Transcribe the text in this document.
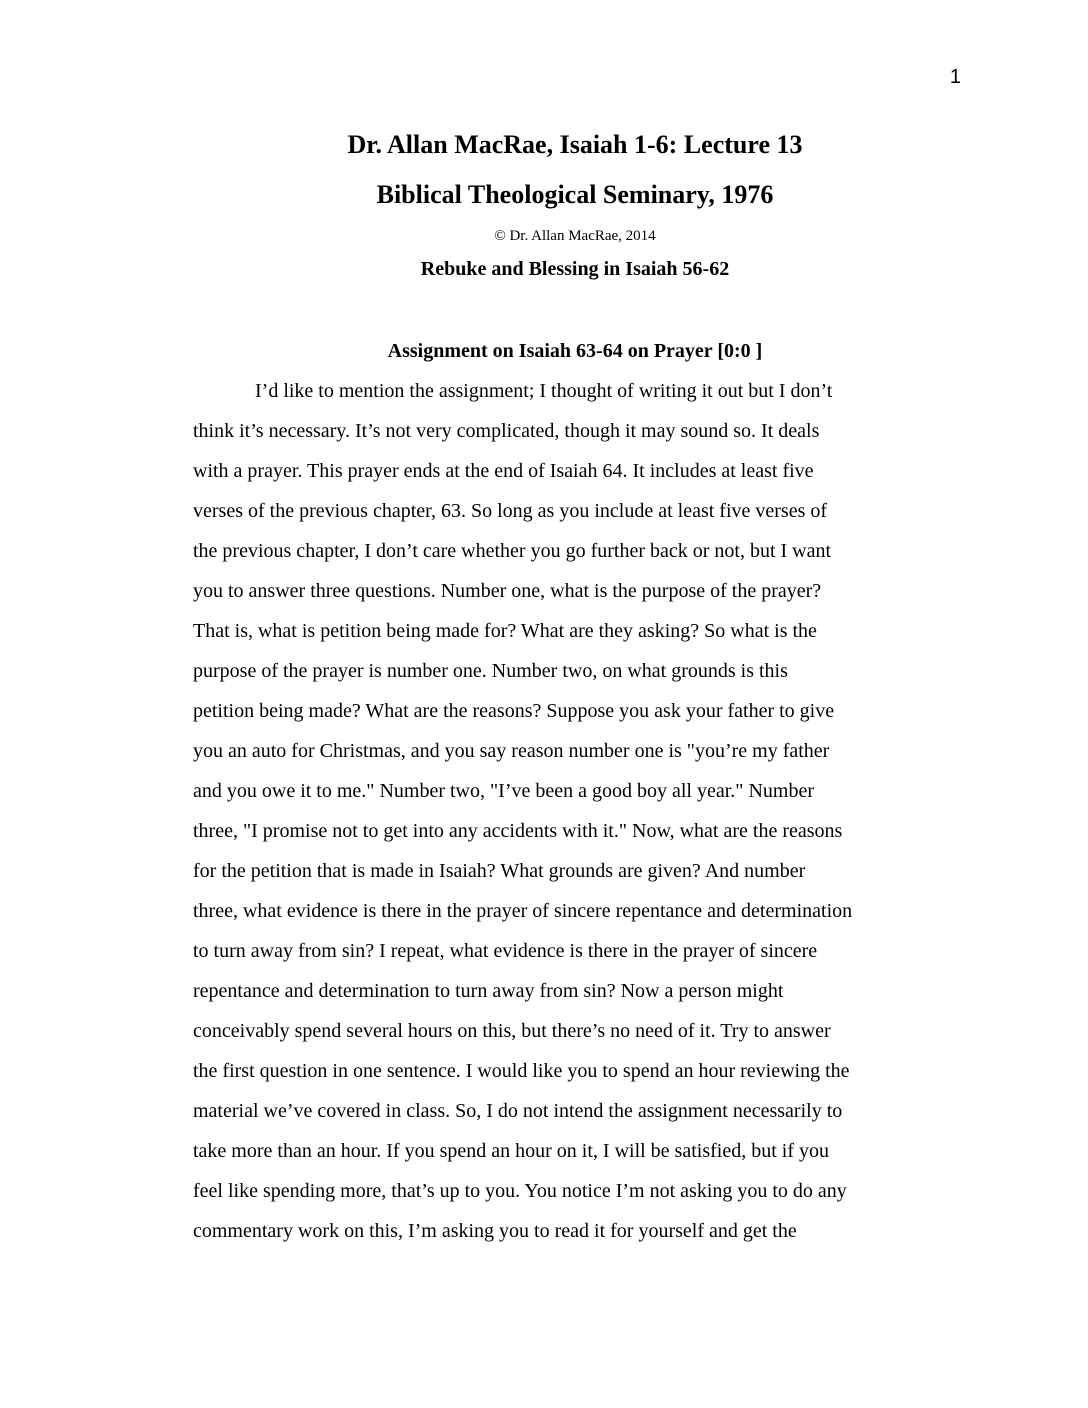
1
Dr. Allan MacRae, Isaiah 1-6: Lecture 13
Biblical Theological Seminary, 1976
© Dr. Allan MacRae, 2014
Rebuke and Blessing in Isaiah 56-62
Assignment on Isaiah 63-64 on Prayer [0:0 ]
I’d like to mention the assignment; I thought of writing it out but I don’t
think it’s necessary. It’s not very complicated, though it may sound so. It deals
with a prayer. This prayer ends at the end of Isaiah 64. It includes at least five
verses of the previous chapter, 63. So long as you include at least five verses of
the previous chapter, I don’t care whether you go further back or not, but I want
you to answer three questions. Number one, what is the purpose of the prayer?
That is, what is petition being made for? What are they asking? So what is the
purpose of the prayer is number one. Number two, on what grounds is this
petition being made? What are the reasons? Suppose you ask your father to give
you an auto for Christmas, and you say reason number one is "you’re my father
and you owe it to me." Number two, "I’ve been a good boy all year." Number
three, "I promise not to get into any accidents with it." Now, what are the reasons
for the petition that is made in Isaiah? What grounds are given? And number
three, what evidence is there in the prayer of sincere repentance and determination
to turn away from sin? I repeat, what evidence is there in the prayer of sincere
repentance and determination to turn away from sin? Now a person might
conceivably spend several hours on this, but there’s no need of it. Try to answer
the first question in one sentence. I would like you to spend an hour reviewing the
material we’ve covered in class. So, I do not intend the assignment necessarily to
take more than an hour. If you spend an hour on it, I will be satisfied, but if you
feel like spending more, that’s up to you. You notice I’m not asking you to do any
commentary work on this, I’m asking you to read it for yourself and get the
